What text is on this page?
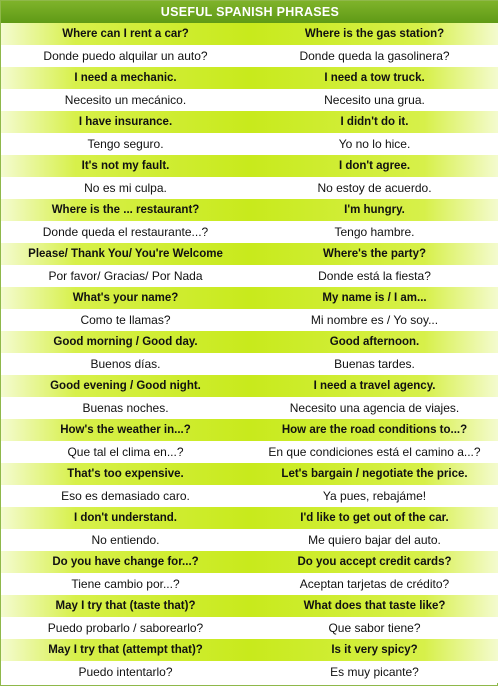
USEFUL SPANISH PHRASES
Where can I rent a car?	Where is the gas station?
Donde puedo alquilar un auto?	Donde queda la gasolinera?
I need a mechanic.	I need a tow truck.
Necesito un mecánico.	Necesito una grua.
I have insurance.	I didn't do it.
Tengo seguro.	Yo no lo hice.
It's not my fault.	I don't agree.
No es mi culpa.	No estoy de acuerdo.
Where is the ... restaurant?	I'm hungry.
Donde queda el restaurante...?	Tengo hambre.
Please/ Thank You/ You're Welcome	Where's the party?
Por favor/ Gracias/ Por Nada	Donde está la fiesta?
What's your name?	My name is / I am...
Como te llamas?	Mi nombre es / Yo soy...
Good morning / Good day.	Good afternoon.
Buenos días.	Buenas tardes.
Good evening / Good night.	I need a travel agency.
Buenas noches.	Necesito una agencia de viajes.
How's the weather in...?	How are the road conditions to...?
Que tal el clima en...?	En que condiciones está el camino a...?
That's too expensive.	Let's bargain / negotiate the price.
Eso es demasiado caro.	Ya pues, rebajáme!
I don't understand.	I'd like to get out of the car.
No entiendo.	Me quiero bajar del auto.
Do you have change for...?	Do you accept credit cards?
Tiene cambio por...?	Aceptan tarjetas de crédito?
May I try that (taste that)?	What does that taste like?
Puedo probarlo / saborearlo?	Que sabor tiene?
May I try that (attempt that)?	Is it very spicy?
Puedo intentarlo?	Es muy picante?
